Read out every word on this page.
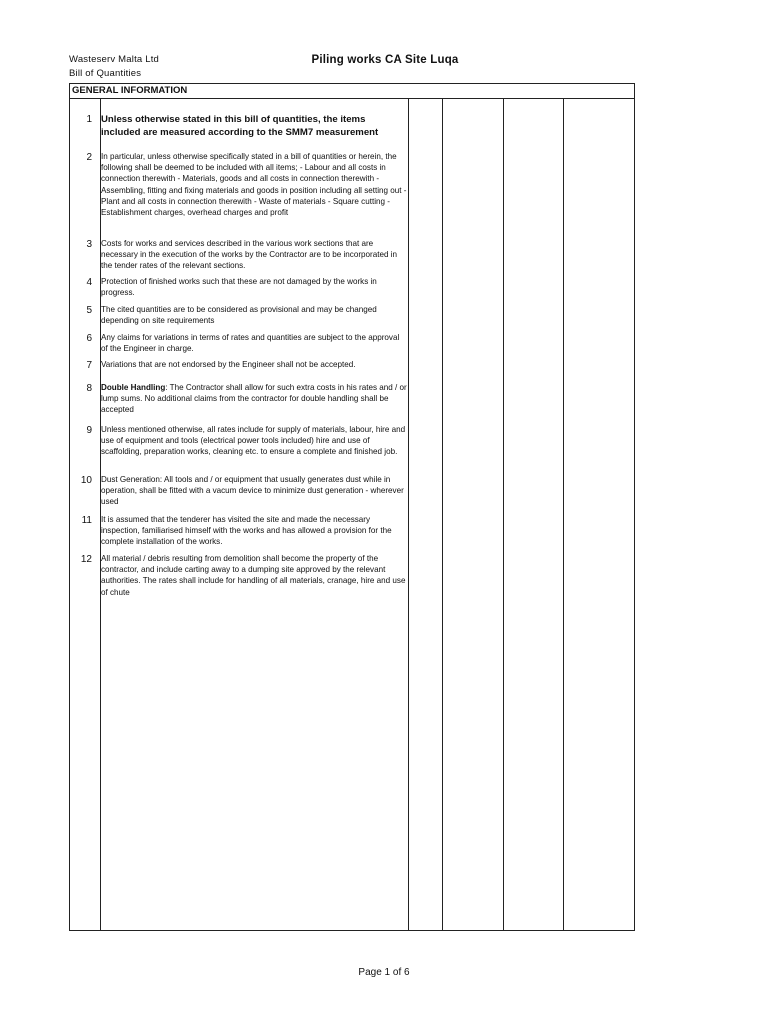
Wasteserv Malta Ltd
Bill of Quantities
Piling works CA Site Luqa
GENERAL INFORMATION
1 Unless otherwise stated in this bill of quantities, the items included are measured according to the SMM7 measurement
2 In particular, unless otherwise specifically stated in a bill of quantities or herein, the following shall be deemed to be included with all items; - Labour and all costs in connection therewith - Materials, goods and all costs in connection therewith - Assembling, fitting and fixing materials and goods in position including all setting out - Plant and all costs in connection therewith - Waste of materials - Square cutting - Establishment charges, overhead charges and profit
3 Costs for works and services described in the various work sections that are necessary in the execution of the works by the Contractor are to be incorporated in the tender rates of the relevant sections.
4 Protection of finished works such that these are not damaged by the works in progress.
5 The cited quantities are to be considered as provisional and may be changed depending on site requirements
6 Any claims for variations in terms of rates and quantities are subject to the approval of the Engineer in charge.
7 Variations that are not endorsed by the Engineer shall not be accepted.
8 Double Handling: The Contractor shall allow for such extra costs in his rates and / or lump sums. No additional claims from the contractor for double handling shall be accepted
9 Unless mentioned otherwise, all rates include for supply of materials, labour, hire and use of equipment and tools (electrical power tools included) hire and use of scaffolding, preparation works, cleaning etc. to ensure a complete and finished job.
10 Dust Generation: All tools and / or equipment that usually generates dust while in operation, shall be fitted with a vacum device to minimize dust generation - wherever used
11 It is assumed that the tenderer has visited the site and made the necessary inspection, familiarised himself with the works and has allowed a provision for the complete installation of the works.
12 All material / debris resulting from demolition shall become the property of the contractor, and include carting away to a dumping site approved by the relevant authorities. The rates shall include for handling of all materials, cranage, hire and use of chute
Page 1 of 6
